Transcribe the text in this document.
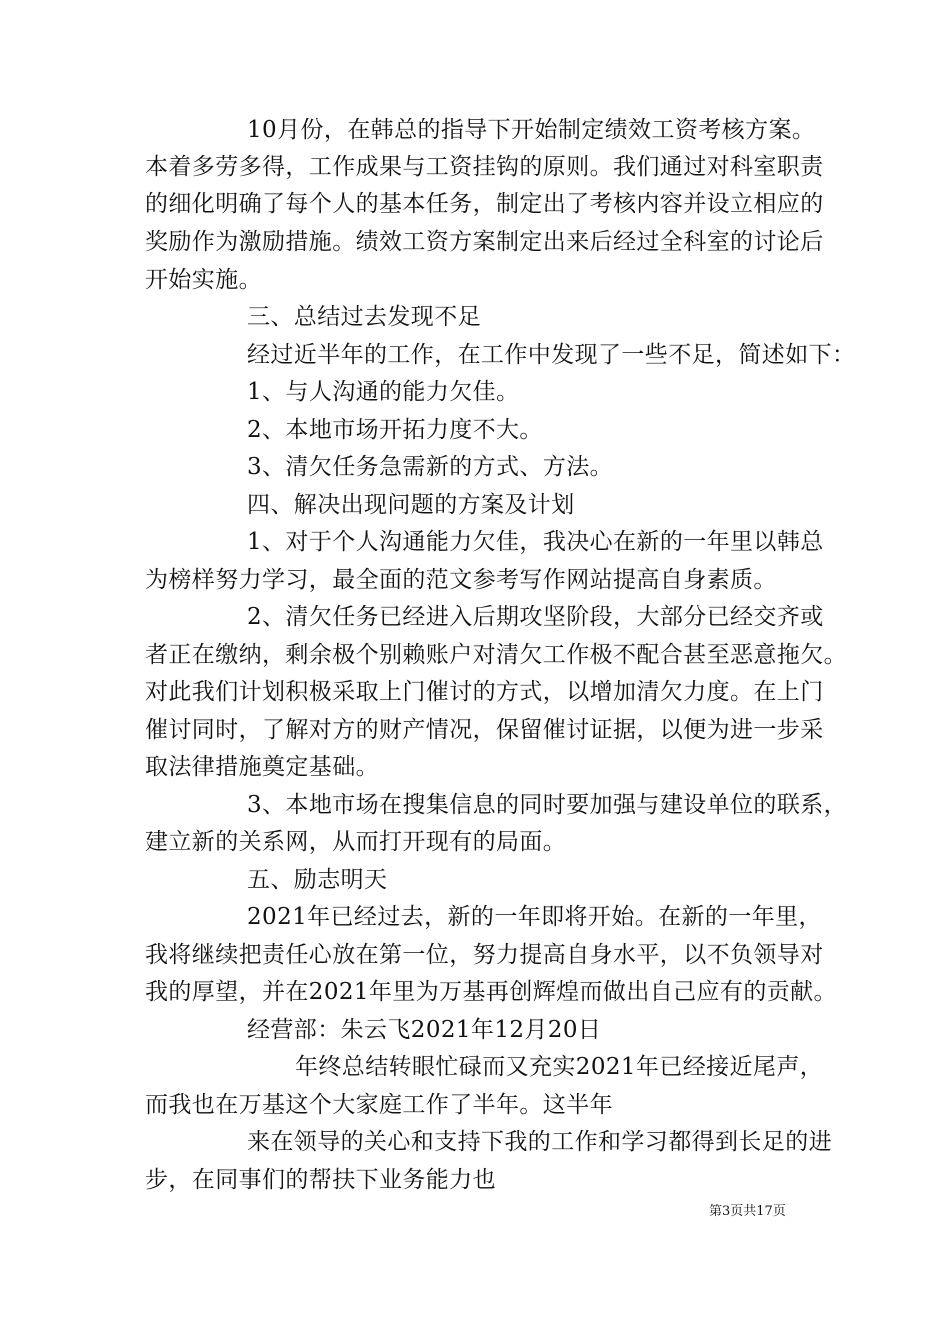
10月份，在韩总的指导下开始制定绩效工资考核方案。
本着多劳多得，工作成果与工资挂钩的原则。我们通过对科室职责
的细化明确了每个人的基本任务，制定出了考核内容并设立相应的
奖励作为激励措施。绩效工资方案制定出来后经过全科室的讨论后
开始实施。
三、总结过去发现不足
经过近半年的工作，在工作中发现了一些不足，简述如下：
1、与人沟通的能力欠佳。
2、本地市场开拓力度不大。
3、清欠任务急需新的方式、方法。
四、解决出现问题的方案及计划
1、对于个人沟通能力欠佳，我决心在新的一年里以韩总
为榜样努力学习，最全面的范文参考写作网站提高自身素质。
2、清欠任务已经进入后期攻坚阶段，大部分已经交齐或
者正在缴纳，剩余极个别赖账户对清欠工作极不配合甚至恶意拖欠。
对此我们计划积极采取上门催讨的方式，以增加清欠力度。在上门
催讨同时，了解对方的财产情况，保留催讨证据，以便为进一步采
取法律措施奠定基础。
3、本地市场在搜集信息的同时要加强与建设单位的联系，
建立新的关系网，从而打开现有的局面。
五、励志明天
2021年已经过去，新的一年即将开始。在新的一年里，
我将继续把责任心放在第一位，努力提高自身水平，以不负领导对
我的厚望，并在2021年里为万基再创辉煌而做出自己应有的贡献。
经营部：朱云飞2021年12月20日
年终总结转眼忙碌而又充实2021年已经接近尾声，
而我也在万基这个大家庭工作了半年。这半年
来在领导的关心和支持下我的工作和学习都得到长足的进
步，在同事们的帮扶下业务能力也
第3页共17页
